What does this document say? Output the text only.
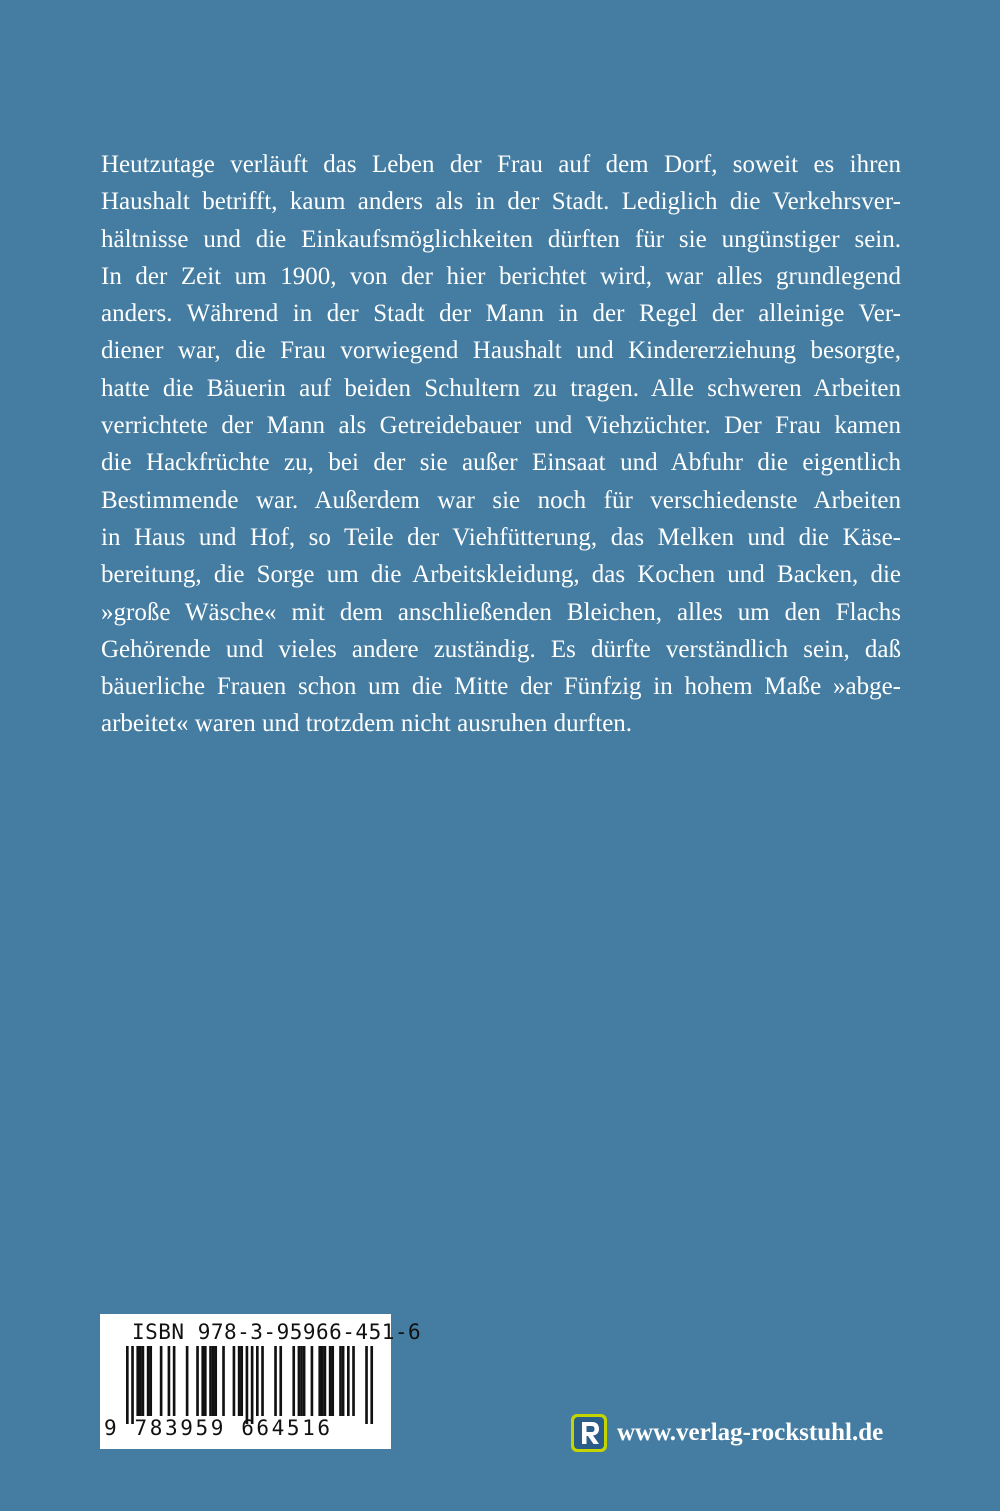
Heutzutage verläuft das Leben der Frau auf dem Dorf, soweit es ihren
Haushalt betrifft, kaum anders als in der Stadt. Lediglich die Verkehrsver-
hältnisse und die Einkaufsmöglichkeiten dürften für sie ungünstiger sein.
In der Zeit um 1900, von der hier berichtet wird, war alles grundlegend
anders. Während in der Stadt der Mann in der Regel der alleinige Ver-
diener war, die Frau vorwiegend Haushalt und Kindererziehung besorgte,
hatte die Bäuerin auf beiden Schultern zu tragen. Alle schweren Arbeiten
verrichtete der Mann als Getreidebauer und Viehzüchter. Der Frau kamen
die Hackfrüchte zu, bei der sie außer Einsaat und Abfuhr die eigentlich
Bestimmende war. Außerdem war sie noch für verschiedenste Arbeiten
in Haus und Hof, so Teile der Viehfütterung, das Melken und die Käse-
bereitung, die Sorge um die Arbeitskleidung, das Kochen und Backen, die
»große Wäsche« mit dem anschließenden Bleichen, alles um den Flachs
Gehörende und vieles andere zuständig. Es dürfte verständlich sein, daß
bäuerliche Frauen schon um die Mitte der Fünfzig in hohem Maße »abge-
arbeitet« waren und trotzdem nicht ausruhen durften.
ISBN 978-3-95966-451-6
9 783959 664516	www.verlag-rockstuhl.de
